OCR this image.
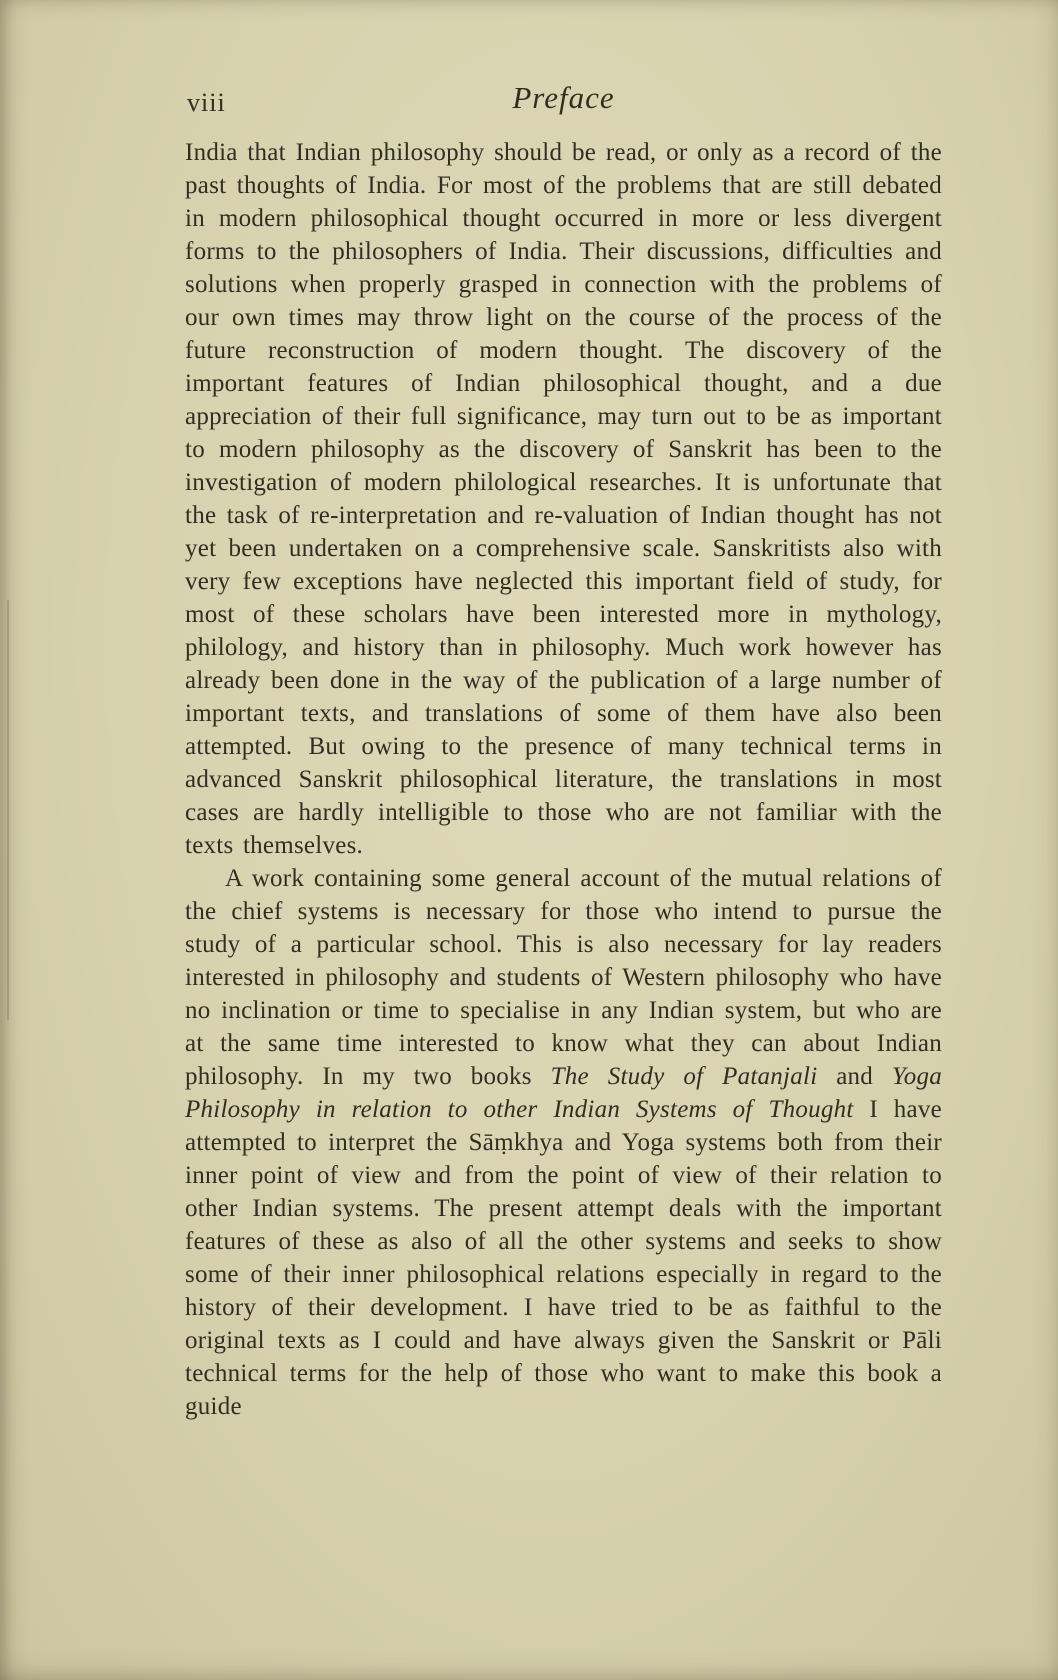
viii	Preface

India that Indian philosophy should be read, or only as a record of the past thoughts of India. For most of the problems that are still debated in modern philosophical thought occurred in more or less divergent forms to the philosophers of India. Their discussions, difficulties and solutions when properly grasped in connection with the problems of our own times may throw light on the course of the process of the future reconstruction of modern thought. The discovery of the important features of Indian philosophical thought, and a due appreciation of their full significance, may turn out to be as important to modern philosophy as the discovery of Sanskrit has been to the investigation of modern philological researches. It is unfortunate that the task of re-interpretation and re-valuation of Indian thought has not yet been undertaken on a comprehensive scale. Sanskritists also with very few exceptions have neglected this important field of study, for most of these scholars have been interested more in mythology, philology, and history than in philosophy. Much work however has already been done in the way of the publication of a large number of important texts, and translations of some of them have also been attempted. But owing to the presence of many technical terms in advanced Sanskrit philosophical literature, the translations in most cases are hardly intelligible to those who are not familiar with the texts themselves.

A work containing some general account of the mutual relations of the chief systems is necessary for those who intend to pursue the study of a particular school. This is also necessary for lay readers interested in philosophy and students of Western philosophy who have no inclination or time to specialise in any Indian system, but who are at the same time interested to know what they can about Indian philosophy. In my two books The Study of Patanjali and Yoga Philosophy in relation to other Indian Systems of Thought I have attempted to interpret the Sāṃkhya and Yoga systems both from their inner point of view and from the point of view of their relation to other Indian systems. The present attempt deals with the important features of these as also of all the other systems and seeks to show some of their inner philosophical relations especially in regard to the history of their development. I have tried to be as faithful to the original texts as I could and have always given the Sanskrit or Pāli technical terms for the help of those who want to make this book a guide
